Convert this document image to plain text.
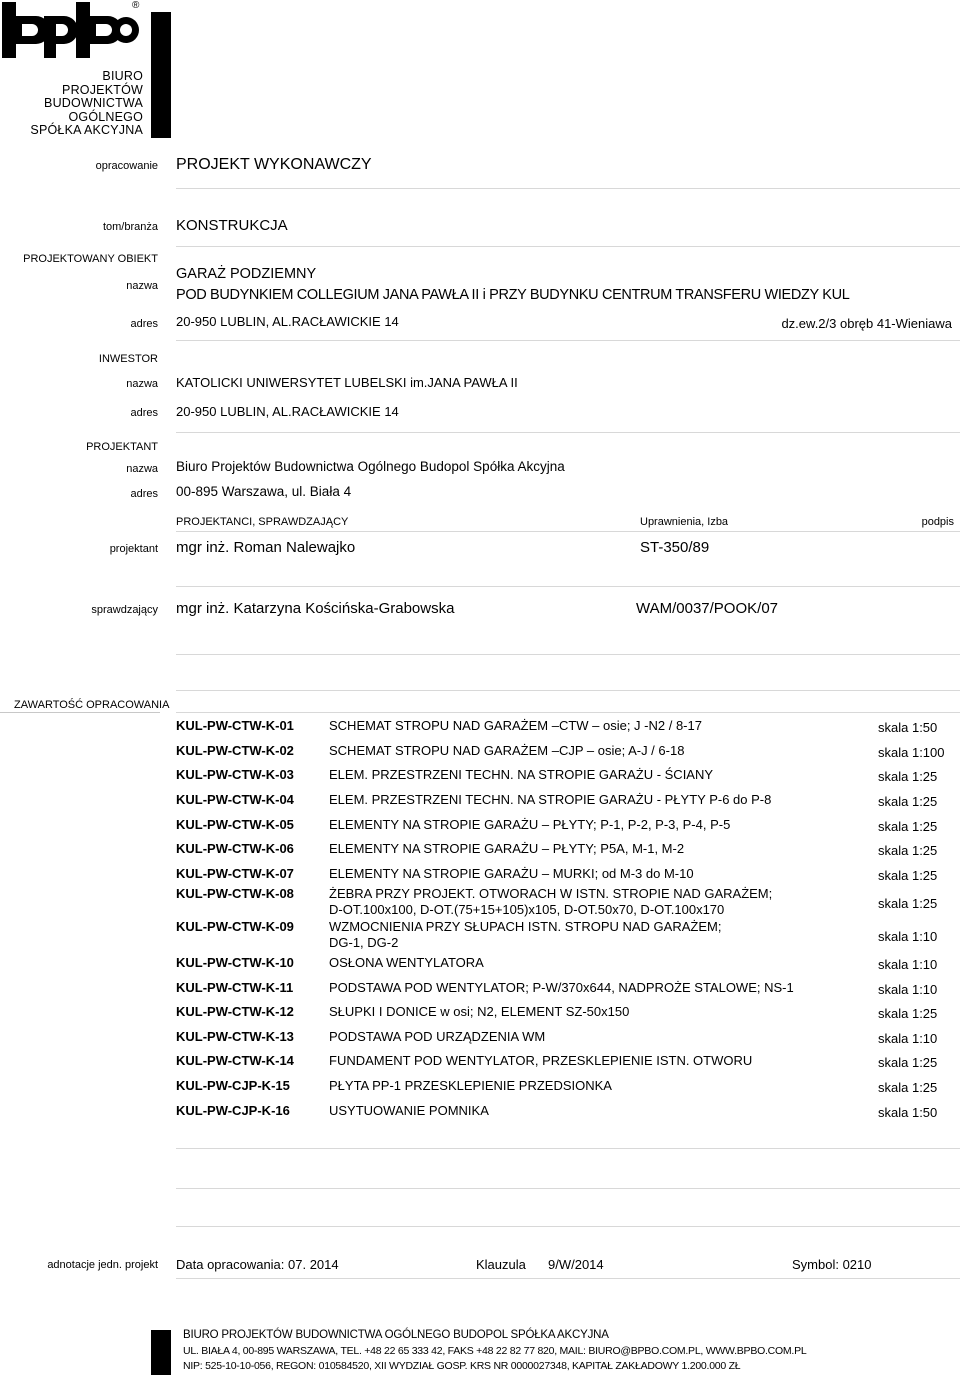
®
BIURO
PROJEKTÓW
BUDOWNICTWA
OGÓLNEGO
SPÓŁKA AKCYJNA
opracowanie PROJEKT WYKONAWCZY
tom/branża KONSTRUKCJA
PROJEKTOWANY OBIEKT
nazwa
GARAŻ PODZIEMNY
POD BUDYNKIEM COLLEGIUM JANA PAWŁA II i PRZY BUDYNKU CENTRUM TRANSFERU WIEDZY KUL
adres 20-950 LUBLIN, AL.RACŁAWICKIE 14	dz.ew.2/3 obręb 41-Wieniawa
INWESTOR
nazwa KATOLICKI UNIWERSYTET LUBELSKI im.JANA PAWŁA II
adres 20-950 LUBLIN, AL.RACŁAWICKIE 14
PROJEKTANT
nazwa Biuro Projektów Budownictwa Ogólnego Budopol Spółka Akcyjna
adres 00-895 Warszawa, ul. Biała 4
PROJEKTANCI, SPRAWDZAJĄCY	Uprawnienia, Izba	podpis
projektant mgr inż. Roman Nalewajko	ST-350/89
sprawdzający mgr inż. Katarzyna Kościńska-Grabowska	WAM/0037/POOK/07
ZAWARTOŚĆ OPRACOWANIA
KUL-PW-CTW-K-01	SCHEMAT STROPU NAD GARAŻEM –CTW – osie; J -N2 / 8-17	skala 1:50
KUL-PW-CTW-K-02	SCHEMAT STROPU NAD GARAŻEM –CJP – osie; A-J / 6-18	skala 1:100
KUL-PW-CTW-K-03	ELEM. PRZESTRZENI TECHN. NA STROPIE GARAŻU - ŚCIANY	skala 1:25
KUL-PW-CTW-K-04	ELEM. PRZESTRZENI TECHN. NA STROPIE GARAŻU - PŁYTY P-6 do P-8	skala 1:25
KUL-PW-CTW-K-05	ELEMENTY NA STROPIE GARAŻU – PŁYTY; P-1, P-2, P-3, P-4, P-5	skala 1:25
KUL-PW-CTW-K-06	ELEMENTY NA STROPIE GARAŻU – PŁYTY; P5A, M-1, M-2	skala 1:25
KUL-PW-CTW-K-07	ELEMENTY NA STROPIE GARAŻU – MURKI; od M-3 do M-10	skala 1:25
KUL-PW-CTW-K-08	ŻEBRA PRZY PROJEKT. OTWORACH W ISTN. STROPIE NAD GARAŻEM;
D-OT.100x100, D-OT.(75+15+105)x105, D-OT.50x70, D-OT.100x170	skala 1:25
KUL-PW-CTW-K-09	WZMOCNIENIA PRZY SŁUPACH ISTN. STROPU NAD GARAŻEM;
DG-1, DG-2	skala 1:10
KUL-PW-CTW-K-10	OSŁONA WENTYLATORA	skala 1:10
KUL-PW-CTW-K-11	PODSTAWA POD WENTYLATOR; P-W/370x644, NADPROŻE STALOWE; NS-1	skala 1:10
KUL-PW-CTW-K-12	SŁUPKI I DONICE w osi; N2, ELEMENT SZ-50x150	skala 1:25
KUL-PW-CTW-K-13	PODSTAWA POD URZĄDZENIA WM	skala 1:10
KUL-PW-CTW-K-14	FUNDAMENT POD WENTYLATOR, PRZESKLEPIENIE ISTN. OTWORU	skala 1:25
KUL-PW-CJP-K-15	PŁYTA PP-1 PRZESKLEPIENIE PRZEDSIONKA	skala 1:25
KUL-PW-CJP-K-16	USYTUOWANIE POMNIKA	skala 1:50
adnotacje jedn. projekt Data opracowania: 07. 2014	Klauzula 9/W/2014	Symbol: 0210
BIURO PROJEKTÓW BUDOWNICTWA OGÓLNEGO BUDOPOL SPÓŁKA AKCYJNA
UL. BIAŁA 4, 00-895 WARSZAWA, TEL. +48 22 65 333 42, FAKS +48 22 82 77 820, MAIL: BIURO@BPBO.COM.PL, WWW.BPBO.COM.PL
NIP: 525-10-10-056, REGON: 010584520, XII WYDZIAŁ GOSP. KRS NR 0000027348, KAPITAŁ ZAKŁADOWY 1.200.000 ZŁ
